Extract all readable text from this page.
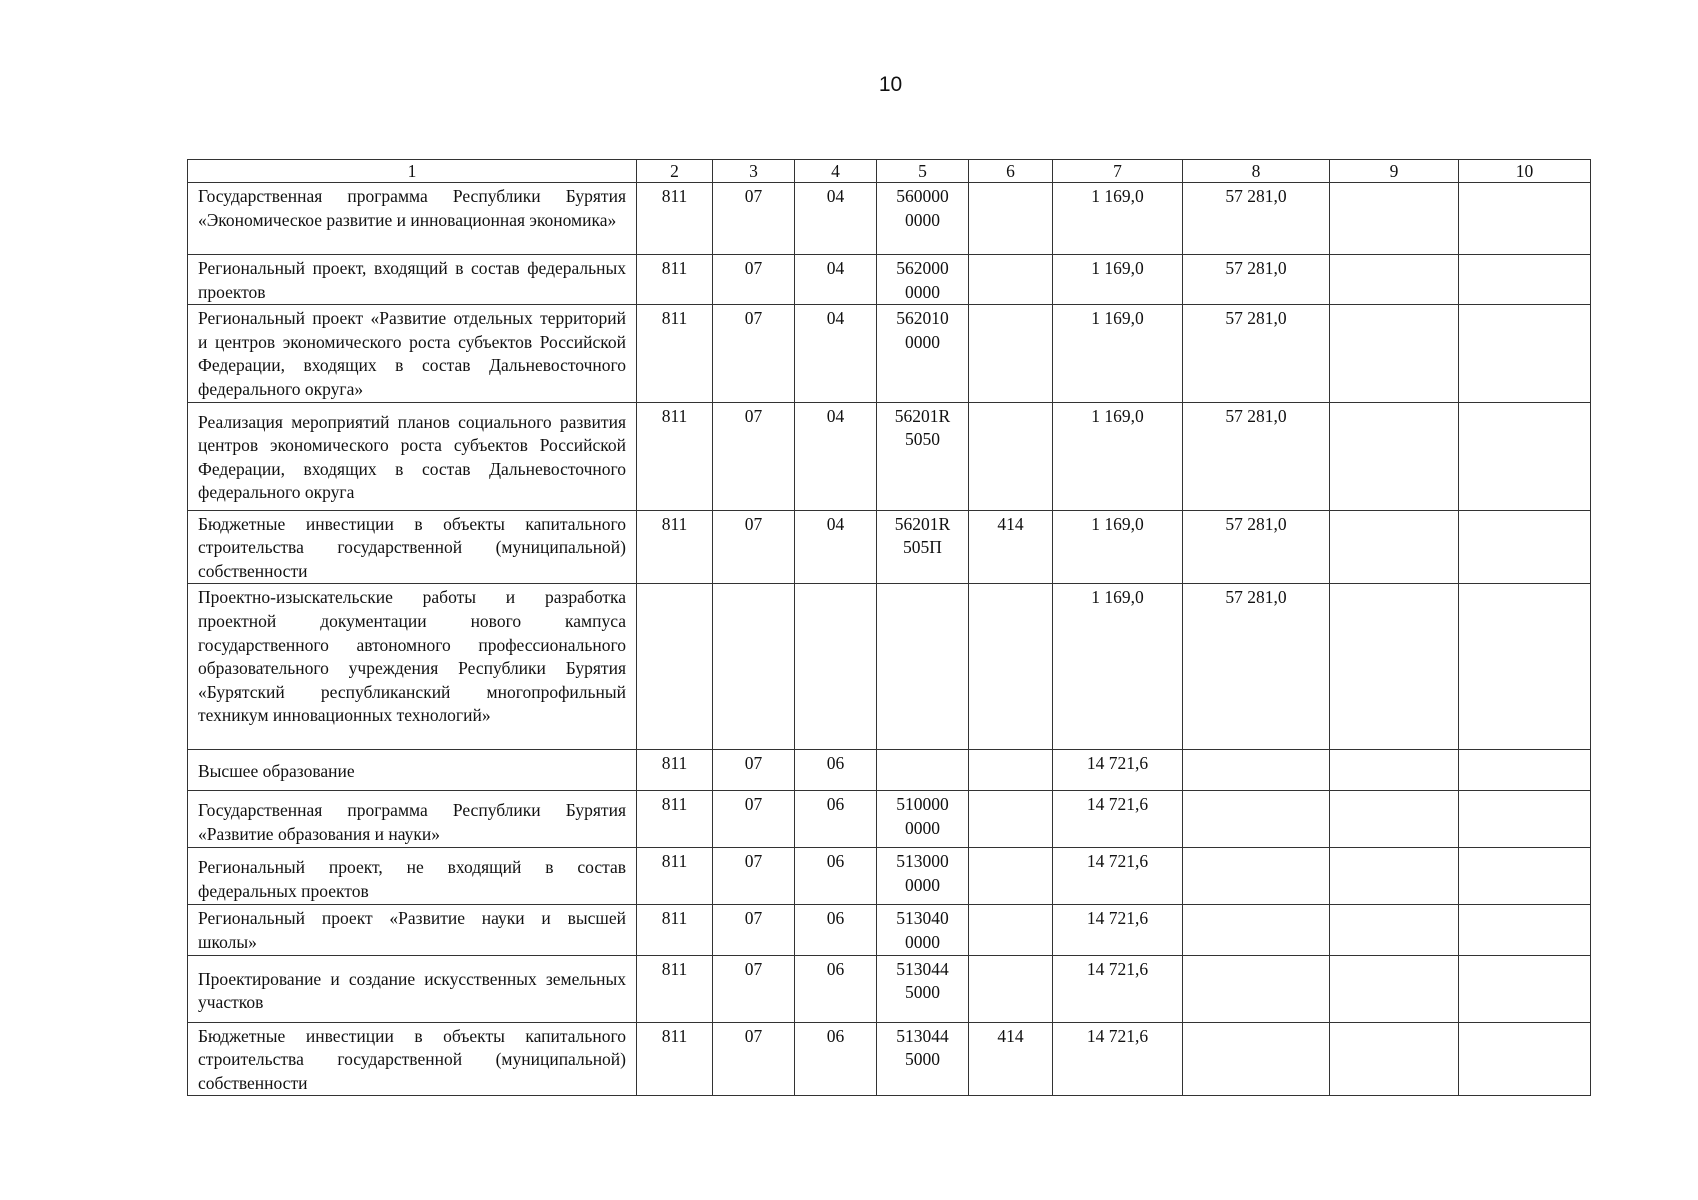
10
1	2	3	4	5	6	7	8	9	10
Государственная программа Республики Бурятия «Экономическое развитие и инновационная экономика»	811	07	04	560000 0000		1 169,0	57 281,0		
Региональный проект, входящий в состав федеральных проектов	811	07	04	562000 0000		1 169,0	57 281,0		
Региональный проект «Развитие отдельных территорий и центров экономического роста субъектов Российской Федерации, входящих в состав Дальневосточного федерального округа»	811	07	04	562010 0000		1 169,0	57 281,0		
Реализация мероприятий планов социального развития центров экономического роста субъектов Российской Федерации, входящих в состав Дальневосточного федерального округа	811	07	04	56201R 5050		1 169,0	57 281,0		
Бюджетные инвестиции в объекты капитального строительства государственной (муниципальной) собственности	811	07	04	56201R 505П	414	1 169,0	57 281,0		
Проектно-изыскательские работы и разработка проектной документации нового кампуса государственного автономного профессионального образовательного учреждения Республики Бурятия «Бурятский республиканский многопрофильный техникум инновационных технологий»						1 169,0	57 281,0		
Высшее образование	811	07	06			14 721,6			
Государственная программа Республики Бурятия «Развитие образования и науки»	811	07	06	510000 0000		14 721,6			
Региональный проект, не входящий в состав федеральных проектов	811	07	06	513000 0000		14 721,6			
Региональный проект «Развитие науки и высшей школы»	811	07	06	513040 0000		14 721,6			
Проектирование и создание искусственных земельных участков	811	07	06	513044 5000		14 721,6			
Бюджетные инвестиции в объекты капитального строительства государственной (муниципальной) собственности	811	07	06	513044 5000	414	14 721,6			
